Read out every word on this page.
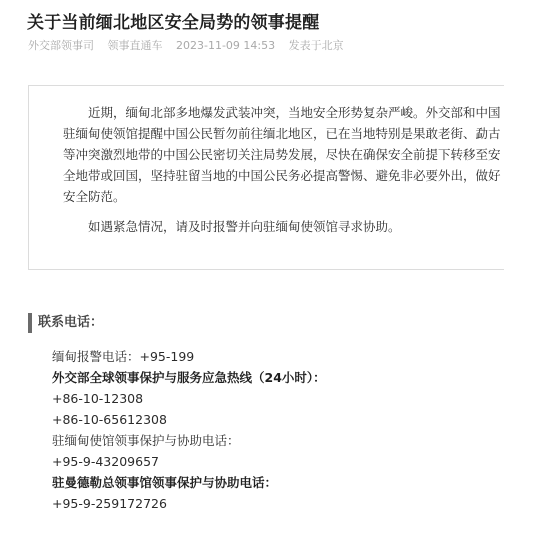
关于当前缅北地区安全局势的领事提醒
外交部领事司 领事直通车 2023-11-09 14:53 发表于北京
近期，缅甸北部多地爆发武装冲突，当地安全形势复杂严峻。外交部和中国驻缅甸使领馆提醒中国公民暂勿前往缅北地区，已在当地特别是果敢老街、勐古等冲突激烈地带的中国公民密切关注局势发展，尽快在确保安全前提下转移至安全地带或回国，坚持驻留当地的中国公民务必提高警惕、避免非必要外出，做好安全防范。
如遇紧急情况，请及时报警并向驻缅甸使领馆寻求协助。
联系电话：
缅甸报警电话：+95-199
外交部全球领事保护与服务应急热线（24小时）：
+86-10-12308
+86-10-65612308
驻缅甸使馆领事保护与协助电话：
+95-9-43209657
驻曼德勒总领事馆领事保护与协助电话：
+95-9-259172726
